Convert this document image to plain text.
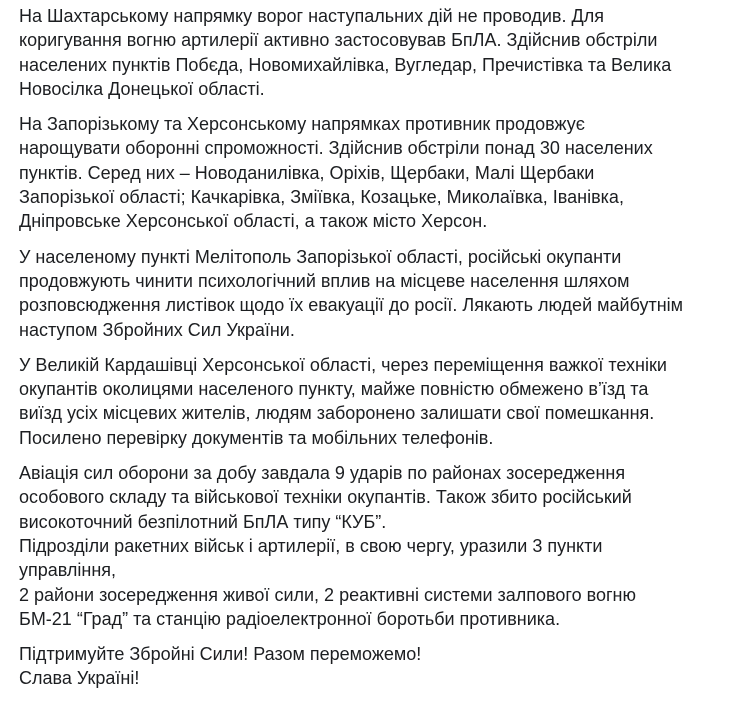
На Шахтарському напрямку ворог наступальних дій не проводив. Для
коригування вогню артилерії активно застосовував БпЛА. Здійснив обстріли
населених пунктів Побєда, Новомихайлівка, Вугледар, Пречистівка та Велика
Новосілка Донецької області.
На Запорізькому та Херсонському напрямках противник продовжує
нарощувати оборонні спроможності. Здійснив обстріли понад 30 населених
пунктів. Серед них – Новоданилівка, Оріхів, Щербаки, Малі Щербаки
Запорізької області; Качкарівка, Зміївка, Козацьке, Миколаївка, Іванівка,
Дніпровське Херсонської області, а також місто Херсон.
У населеному пункті Мелітополь Запорізької області, російські окупанти
продовжують чинити психологічний вплив на місцеве населення шляхом
розповсюдження листівок щодо їх евакуації до росії. Лякають людей майбутнім
наступом Збройних Сил України.
У Великій Кардашівці Херсонської області, через переміщення важкої техніки
окупантів околицями населеного пункту, майже повністю обмежено в’їзд та
виїзд усіх місцевих жителів, людям заборонено залишати свої помешкання.
Посилено перевірку документів та мобільних телефонів.
Авіація сил оборони за добу завдала 9 ударів по районах зосередження
особового складу та військової техніки окупантів. Також збито російський
високоточний безпілотний БпЛА типу “КУБ”.
Підрозділи ракетних військ і артилерії, в свою чергу, уразили 3 пункти
управління,
2 райони зосередження живої сили, 2 реактивні системи залпового вогню
БМ-21 “Град” та станцію радіоелектронної боротьби противника.
Підтримуйте Збройні Сили! Разом переможемо!
Слава Україні!
